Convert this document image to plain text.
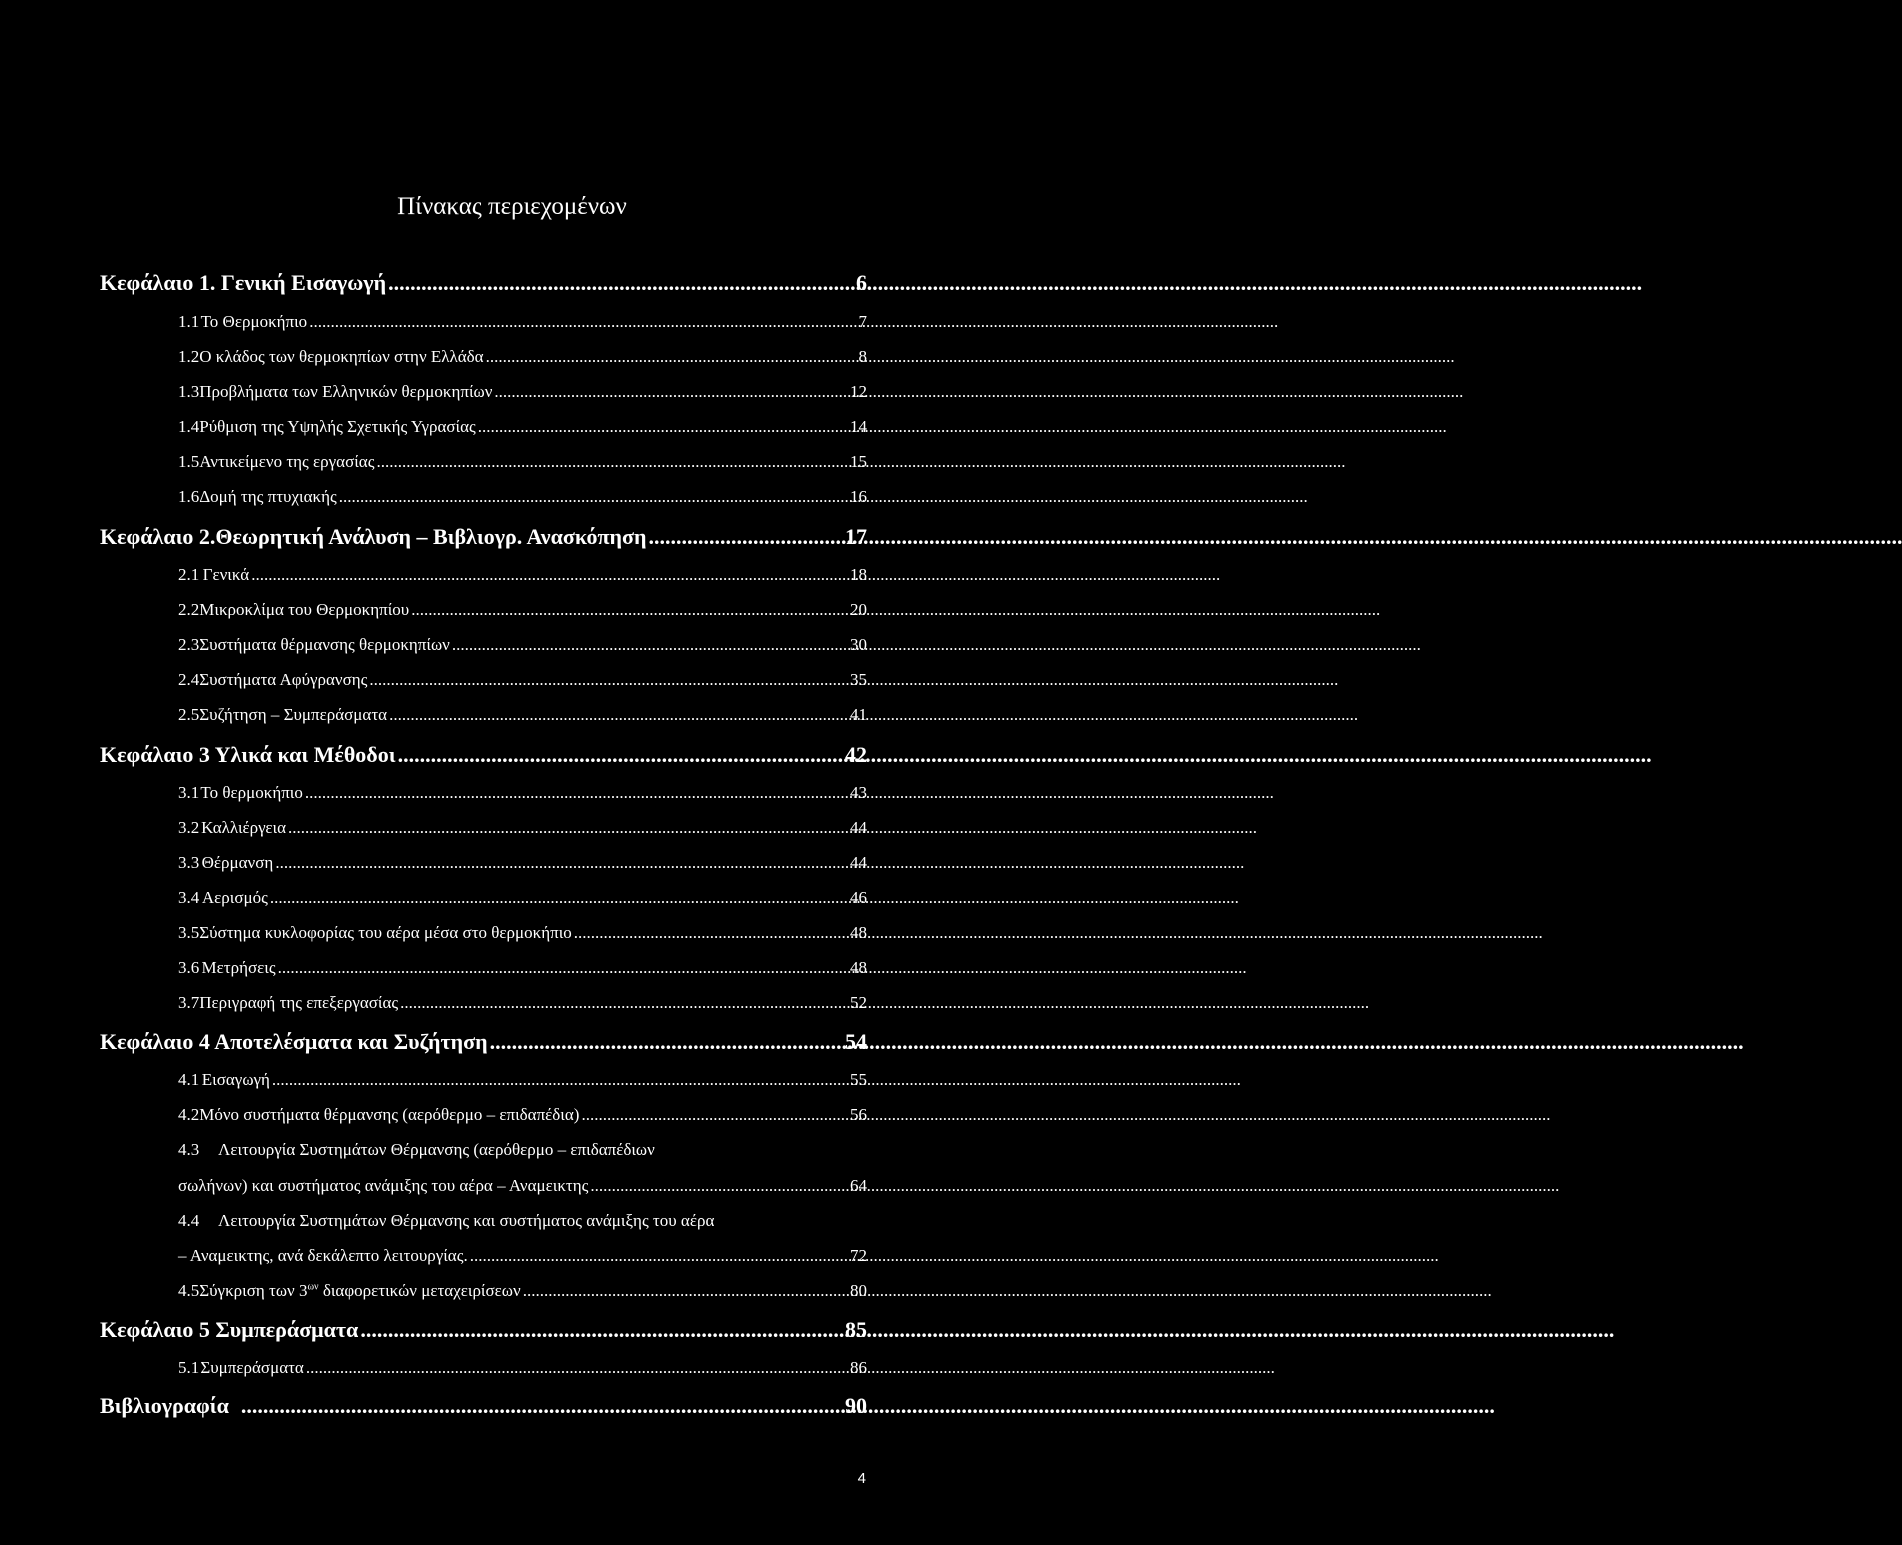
Πίνακας περιεχομένων
Κεφάλαιο 1. Γενική Εισαγωγή .....	6
1.1 Το Θερμοκήπιο .....	7
1.2 Ο κλάδος των θερμοκηπίων στην Ελλάδα .....	8
1.3 Προβλήματα των Ελληνικών θερμοκηπίων .....	12
1.4 Ρύθμιση της Υψηλής Σχετικής Υγρασίας .....	14
1.5 Αντικείμενο της εργασίας .....	15
1.6 Δομή της πτυχιακής .....	16
Κεφάλαιο 2.Θεωρητική Ανάλυση – Βιβλιογρ. Ανασκόπηση .....	17
2.1 Γενικά .....	18
2.2 Μικροκλίμα του Θερμοκηπίου .....	20
2.3 Συστήματα θέρμανσης θερμοκηπίων .....	30
2.4 Συστήματα Αφύγρανσης .....	35
2.5 Συζήτηση – Συμπεράσματα .....	41
Κεφάλαιο 3 Υλικά και Μέθοδοι .....	42
3.1 Το θερμοκήπιο .....	43
3.2 Καλλιέργεια .....	44
3.3 Θέρμανση .....	44
3.4 Αερισμός .....	46
3.5 Σύστημα κυκλοφορίας του αέρα μέσα στο θερμοκήπιο .....	48
3.6 Μετρήσεις .....	48
3.7 Περιγραφή της επεξεργασίας .....	52
Κεφάλαιο 4 Αποτελέσματα και Συζήτηση .....	54
4.1 Εισαγωγή .....	55
4.2 Μόνο συστήματα θέρμανσης (αερόθερμο – επιδαπέδια) .....	56
4.3	Λειτουργία Συστημάτων Θέρμανσης (αερόθερμο – επιδαπέδιων
σωλήνων) και συστήματος ανάμιξης του αέρα – Αναμεικτης .....	64
4.4	Λειτουργία Συστημάτων Θέρμανσης και συστήματος ανάμιξης του αέρα
– Αναμεικτης, ανά δεκάλεπτο λειτουργίας. .....	72
4.5 Σύγκριση των $3^{\omega\nu}$ διαφορετικών μεταχειρίσεων .....	80
Κεφάλαιο 5 Συμπεράσματα .....	85
5.1 Συμπεράσματα .....	86
Βιβλιογραφία .....	90
4
